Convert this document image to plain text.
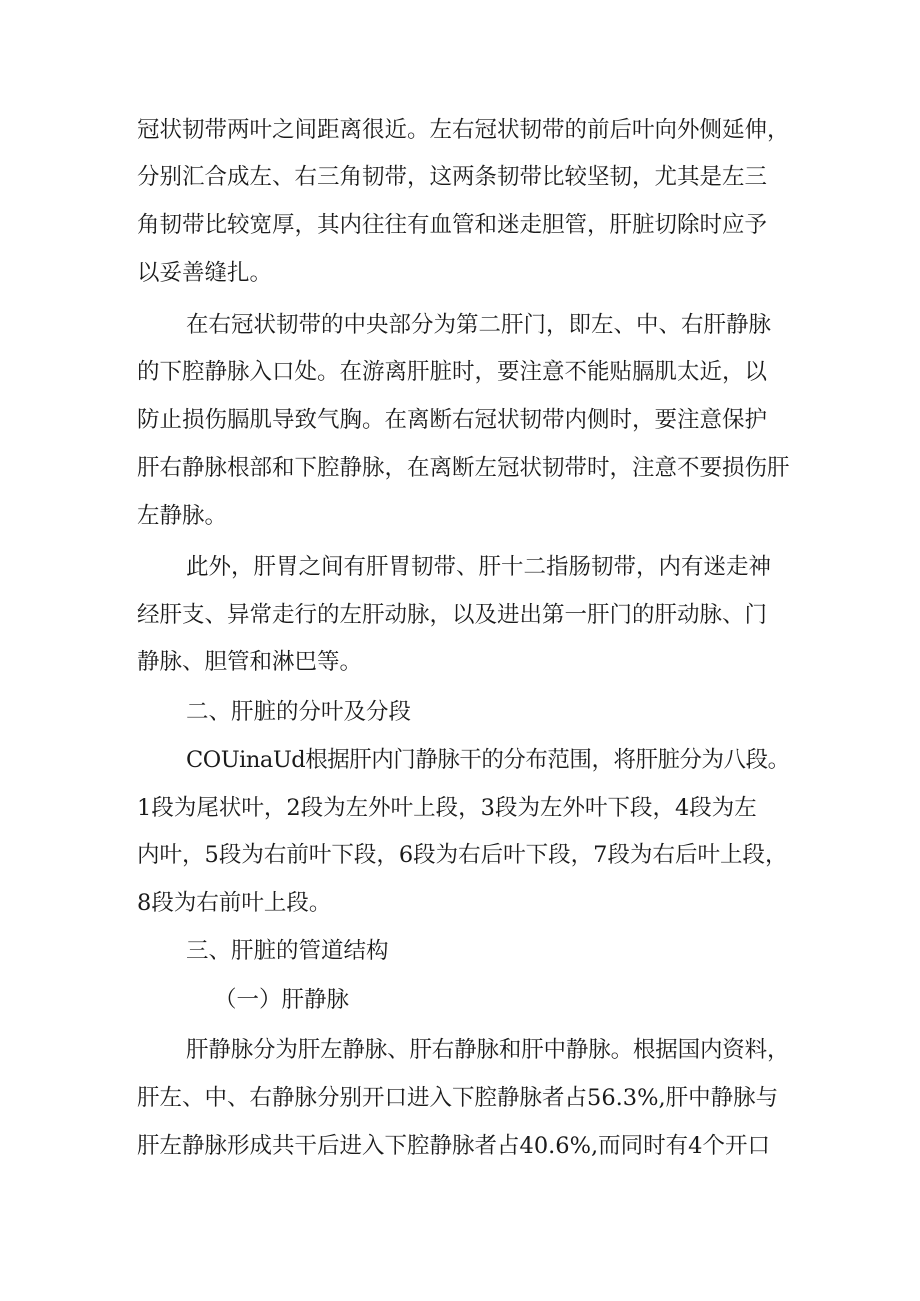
冠状韧带两叶之间距离很近。左右冠状韧带的前后叶向外侧延伸，
分别汇合成左、右三角韧带，这两条韧带比较坚韧，尤其是左三
角韧带比较宽厚，其内往往有血管和迷走胆管，肝脏切除时应予
以妥善缝扎。
在右冠状韧带的中央部分为第二肝门，即左、中、右肝静脉
的下腔静脉入口处。在游离肝脏时，要注意不能贴膈肌太近，以
防止损伤膈肌导致气胸。在离断右冠状韧带内侧时，要注意保护
肝右静脉根部和下腔静脉，在离断左冠状韧带时，注意不要损伤肝
左静脉。
此外，肝胃之间有肝胃韧带、肝十二指肠韧带，内有迷走神
经肝支、异常走行的左肝动脉，以及进出第一肝门的肝动脉、门
静脉、胆管和淋巴等。
二、肝脏的分叶及分段
COUinaUd根据肝内门静脉干的分布范围，将肝脏分为八段。
1段为尾状叶，2段为左外叶上段，3段为左外叶下段，4段为左
内叶，5段为右前叶下段，6段为右后叶下段，7段为右后叶上段，
8段为右前叶上段。
三、肝脏的管道结构
（一）肝静脉
肝静脉分为肝左静脉、肝右静脉和肝中静脉。根据国内资料，
肝左、中、右静脉分别开口进入下腔静脉者占56.3%,肝中静脉与
肝左静脉形成共干后进入下腔静脉者占40.6%,而同时有4个开口
